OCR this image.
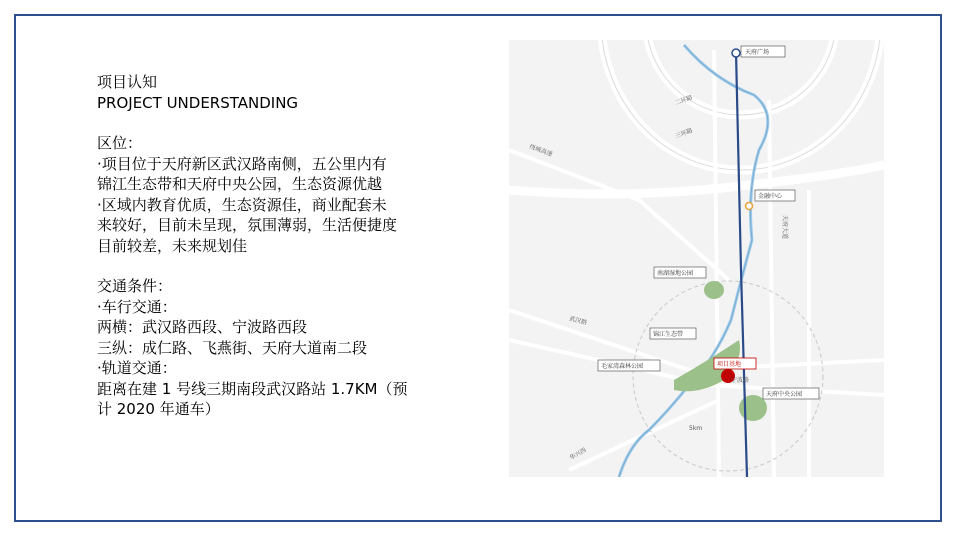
项目认知
PROJECT UNDERSTANDING
区位：
·项目位于天府新区武汉路南侧，五公里内有
锦江生态带和天府中央公园，生态资源优越
·区域内教育优质，生态资源佳，商业配套未
来较好，目前未呈现，氛围薄弱，生活便捷度
目前较差，未来规划佳
交通条件：
·车行交通：
两横：武汉路西段、宁波路西段
三纵：成仁路、飞燕街、天府大道南二段
·轨道交通：
距离在建 1 号线三期南段武汉路站 1.7KM（预
计 2020 年通车）
天府广场
金融中心
南湖湿地公园
锦江生态带
毛家湾森林公园	项目基地
天府中央公园
二环路
三环路
绕城高速
武汉路
5km
宁波路
天府大道
华兴西
